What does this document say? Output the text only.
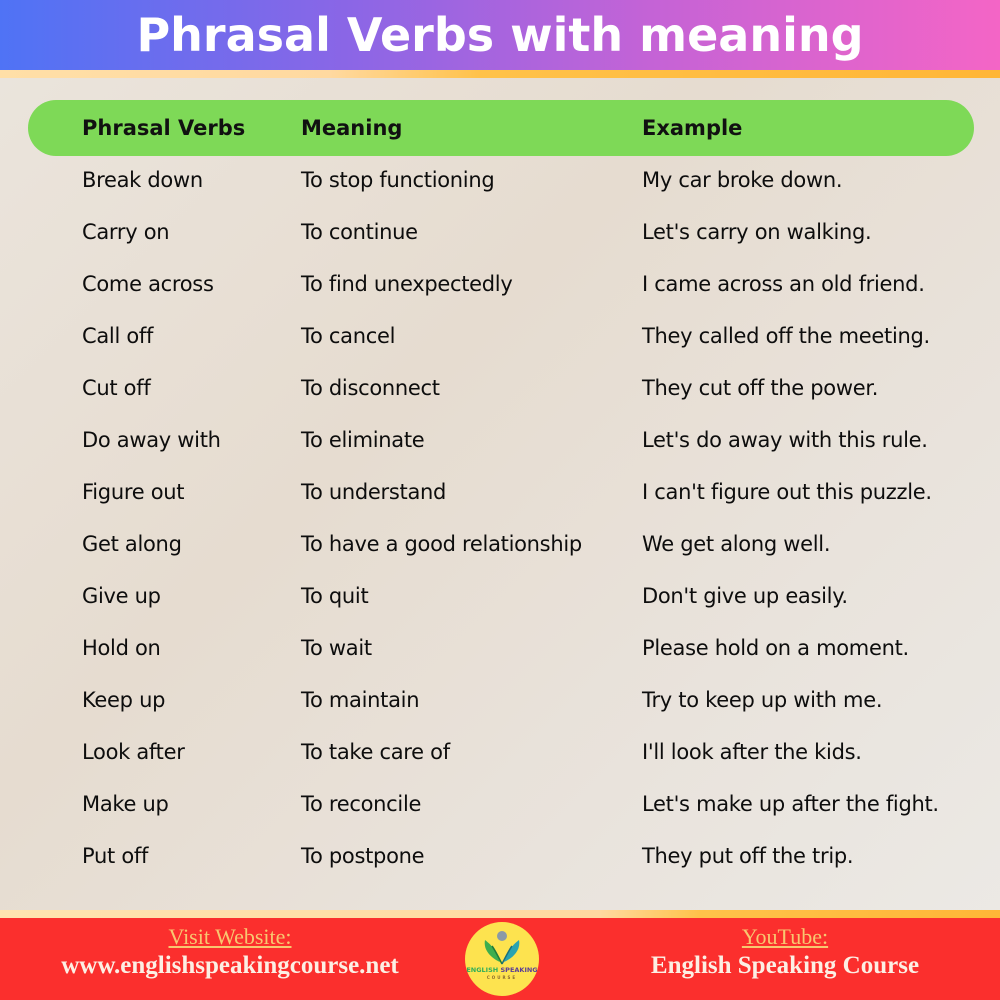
Phrasal Verbs with meaning
Phrasal Verbs	Meaning	Example
Break down	To stop functioning	My car broke down.
Carry on	To continue	Let's carry on walking.
Come across	To find unexpectedly	I came across an old friend.
Call off	To cancel	They called off the meeting.
Cut off	To disconnect	They cut off the power.
Do away with	To eliminate	Let's do away with this rule.
Figure out	To understand	I can't figure out this puzzle.
Get along	To have a good relationship	We get along well.
Give up	To quit	Don't give up easily.
Hold on	To wait	Please hold on a moment.
Keep up	To maintain	Try to keep up with me.
Look after	To take care of	I'll look after the kids.
Make up	To reconcile	Let's make up after the fight.
Put off	To postpone	They put off the trip.
Visit Website:
www.englishspeakingcourse.net
YouTube:
English Speaking Course
ENGLISH SPEAKING
COURSE
